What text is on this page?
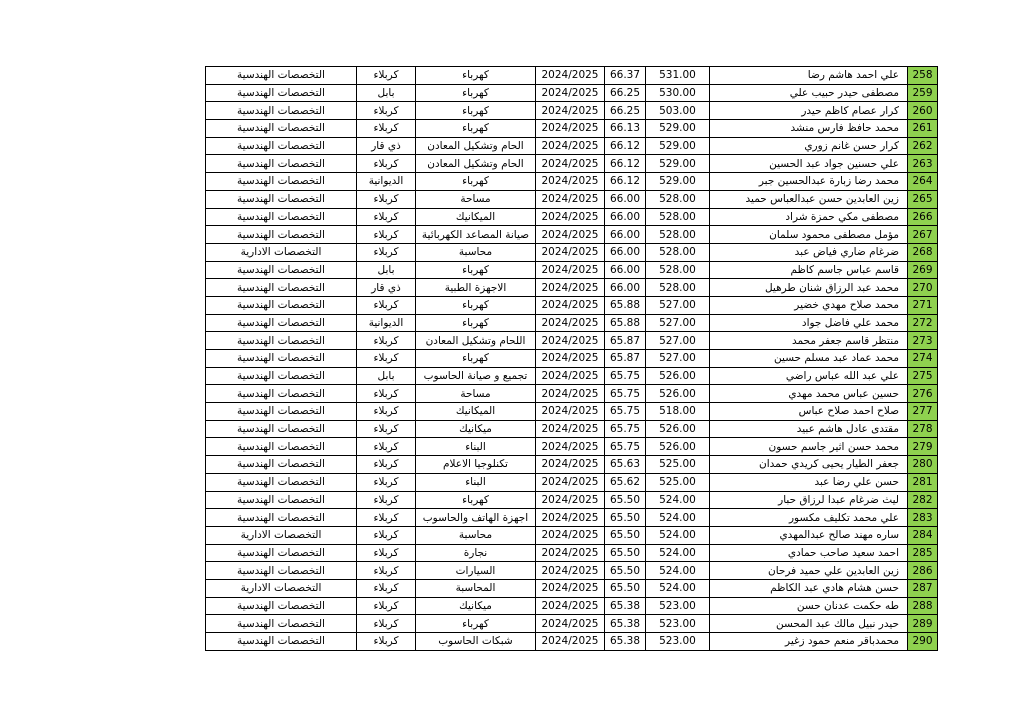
التخصصات الهندسية	كربلاء	كهرباء	2024/2025	66.37	531.00	علي احمد هاشم رضا	258
التخصصات الهندسية	بابل	كهرباء	2024/2025	66.25	530.00	مصطفى حيدر حبيب علي	259
التخصصات الهندسية	كربلاء	كهرباء	2024/2025	66.25	503.00	كرار عصام كاظم حيدر	260
التخصصات الهندسية	كربلاء	كهرباء	2024/2025	66.13	529.00	محمد حافظ فارس منشد	261
التخصصات الهندسية	ذي قار	الحام وتشكيل المعادن	2024/2025	66.12	529.00	كرار حسن غانم زوري	262
التخصصات الهندسية	كربلاء	الحام وتشكيل المعادن	2024/2025	66.12	529.00	علي حسنين جواد عبد الحسين	263
التخصصات الهندسية	الديوانية	كهرباء	2024/2025	66.12	529.00	محمد رضا زبارة عبدالحسين جبر	264
التخصصات الهندسية	كربلاء	مساحة	2024/2025	66.00	528.00	زين العابدين حسن عبدالعباس حميد	265
التخصصات الهندسية	كربلاء	الميكانيك	2024/2025	66.00	528.00	مصطفى مكي حمزة شراد	266
التخصصات الهندسية	كربلاء	صيانة المصاعد الكهربائية	2024/2025	66.00	528.00	مؤمل مصطفى محمود سلمان	267
التخصصات الادارية	كربلاء	محاسبة	2024/2025	66.00	528.00	ضرغام ضاري فياض عبد	268
التخصصات الهندسية	بابل	كهرباء	2024/2025	66.00	528.00	قاسم عباس جاسم كاظم	269
التخصصات الهندسية	ذي قار	الاجهزة الطبية	2024/2025	66.00	528.00	محمد عبد الرزاق شنان طرهيل	270
التخصصات الهندسية	كربلاء	كهرباء	2024/2025	65.88	527.00	محمد صلاح مهدي خضير	271
التخصصات الهندسية	الديوانية	كهرباء	2024/2025	65.88	527.00	محمد علي فاضل جواد	272
التخصصات الهندسية	كربلاء	اللحام وتشكيل المعادن	2024/2025	65.87	527.00	منتظر قاسم جعفر محمد	273
التخصصات الهندسية	كربلاء	كهرباء	2024/2025	65.87	527.00	محمد عماد عبد مسلم حسين	274
التخصصات الهندسية	بابل	تجميع و صيانة الحاسوب	2024/2025	65.75	526.00	علي عبد الله عباس راضي	275
التخصصات الهندسية	كربلاء	مساحة	2024/2025	65.75	526.00	حسين عباس محمد مهدي	276
التخصصات الهندسية	كربلاء	الميكانيك	2024/2025	65.75	518.00	صلاح احمد صلاح عباس	277
التخصصات الهندسية	كربلاء	ميكانيك	2024/2025	65.75	526.00	مقتدى عادل هاشم عبيد	278
التخصصات الهندسية	كربلاء	البناء	2024/2025	65.75	526.00	محمد حسن اثير جاسم حسون	279
التخصصات الهندسية	كربلاء	تكنلوجيا الاعلام	2024/2025	65.63	525.00	جعفر الطيار يحيى كريدي حمدان	280
التخصصات الهندسية	كربلاء	البناء	2024/2025	65.62	525.00	حسن علي رضا عبد	281
التخصصات الهندسية	كربلاء	كهرباء	2024/2025	65.50	524.00	ليث ضرغام عبدا لرزاق حبار	282
التخصصات الهندسية	كربلاء	اجهزة الهاتف والحاسوب	2024/2025	65.50	524.00	علي محمد تكليف مكسور	283
التخصصات الادارية	كربلاء	محاسبة	2024/2025	65.50	524.00	ساره مهند صالح عبدالمهدي	284
التخصصات الهندسية	كربلاء	نجارة	2024/2025	65.50	524.00	احمد سعيد صاحب حمادي	285
التخصصات الهندسية	كربلاء	السيارات	2024/2025	65.50	524.00	زين العابدين علي حميد فرحان	286
التخصصات الادارية	كربلاء	المحاسبة	2024/2025	65.50	524.00	حسن هشام هادي عبد الكاظم	287
التخصصات الهندسية	كربلاء	ميكانيك	2024/2025	65.38	523.00	طه حكمت عدنان حسن	288
التخصصات الهندسية	كربلاء	كهرباء	2024/2025	65.38	523.00	حيدر نبيل مالك عبد المحسن	289
التخصصات الهندسية	كربلاء	شبكات الحاسوب	2024/2025	65.38	523.00	محمدباقر منعم حمود زغير	290
